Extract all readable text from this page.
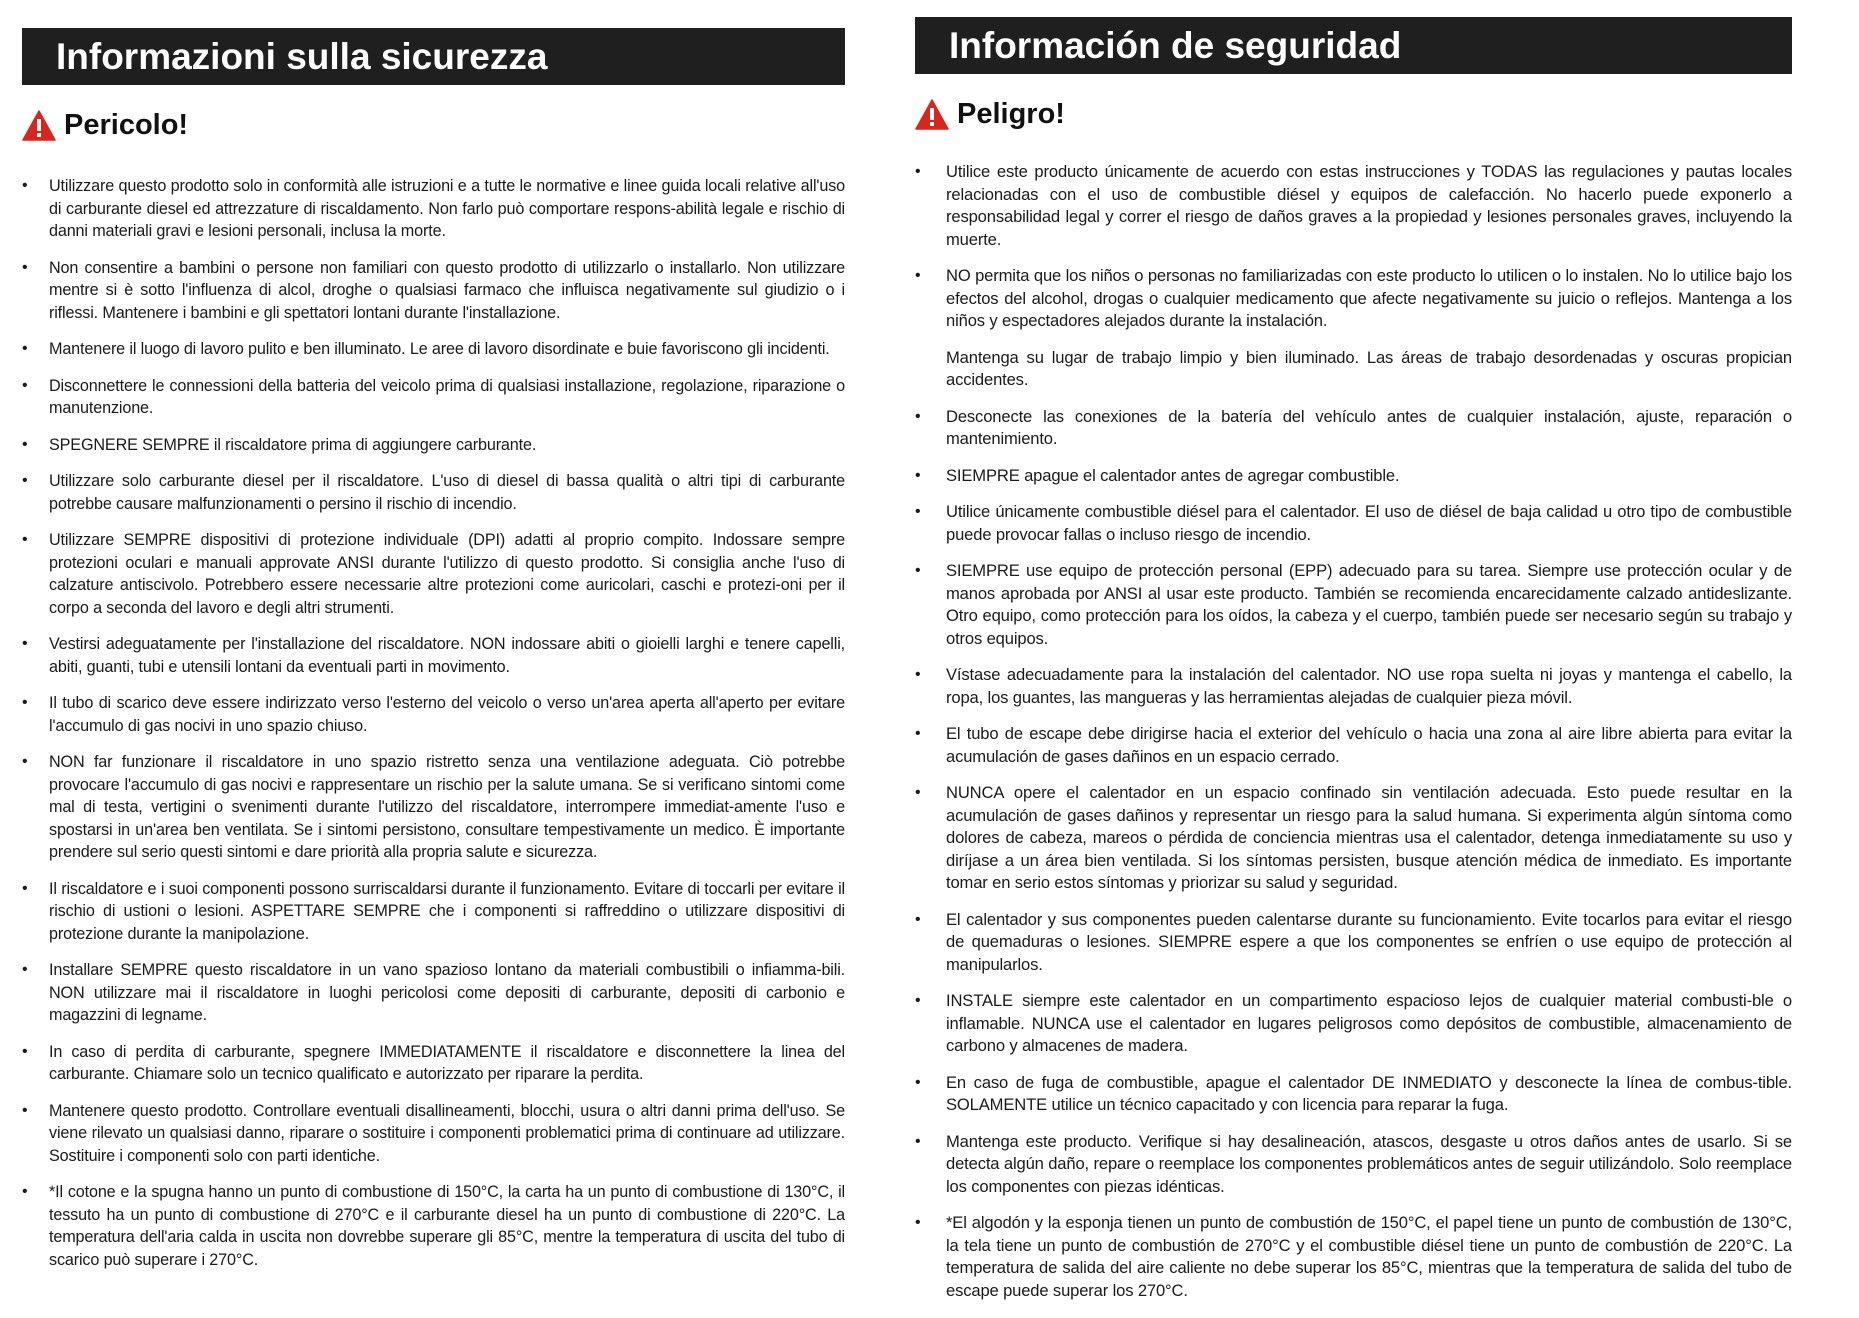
Informazioni sulla sicurezza
Pericolo!
• Utilizzare questo prodotto solo in conformità alle istruzioni e a tutte le normative e linee guida locali relative all'uso di carburante diesel ed attrezzature di riscaldamento. Non farlo può comportare respons-abilità legale e rischio di danni materiali gravi e lesioni personali, inclusa la morte.
• Non consentire a bambini o persone non familiari con questo prodotto di utilizzarlo o installarlo. Non utilizzare mentre si è sotto l'influenza di alcol, droghe o qualsiasi farmaco che influisca negativamente sul giudizio o i riflessi. Mantenere i bambini e gli spettatori lontani durante l'installazione.
• Mantenere il luogo di lavoro pulito e ben illuminato. Le aree di lavoro disordinate e buie favoriscono gli incidenti.
• Disconnettere le connessioni della batteria del veicolo prima di qualsiasi installazione, regolazione, riparazione o manutenzione.
• SPEGNERE SEMPRE il riscaldatore prima di aggiungere carburante.
• Utilizzare solo carburante diesel per il riscaldatore. L'uso di diesel di bassa qualità o altri tipi di carburante potrebbe causare malfunzionamenti o persino il rischio di incendio.
• Utilizzare SEMPRE dispositivi di protezione individuale (DPI) adatti al proprio compito. Indossare sempre protezioni oculari e manuali approvate ANSI durante l'utilizzo di questo prodotto. Si consiglia anche l'uso di calzature antiscivolo. Potrebbero essere necessarie altre protezioni come auricolari, caschi e protezi-oni per il corpo a seconda del lavoro e degli altri strumenti.
• Vestirsi adeguatamente per l'installazione del riscaldatore. NON indossare abiti o gioielli larghi e tenere capelli, abiti, guanti, tubi e utensili lontani da eventuali parti in movimento.
• Il tubo di scarico deve essere indirizzato verso l'esterno del veicolo o verso un'area aperta all'aperto per evitare l'accumulo di gas nocivi in uno spazio chiuso.
• NON far funzionare il riscaldatore in uno spazio ristretto senza una ventilazione adeguata. Ciò potrebbe provocare l'accumulo di gas nocivi e rappresentare un rischio per la salute umana. Se si verificano sintomi come mal di testa, vertigini o svenimenti durante l'utilizzo del riscaldatore, interrompere immediat-amente l'uso e spostarsi in un'area ben ventilata. Se i sintomi persistono, consultare tempestivamente un medico. È importante prendere sul serio questi sintomi e dare priorità alla propria salute e sicurezza.
• Il riscaldatore e i suoi componenti possono surriscaldarsi durante il funzionamento. Evitare di toccarli per evitare il rischio di ustioni o lesioni. ASPETTARE SEMPRE che i componenti si raffreddino o utilizzare dispositivi di protezione durante la manipolazione.
• Installare SEMPRE questo riscaldatore in un vano spazioso lontano da materiali combustibili o infiamma-bili. NON utilizzare mai il riscaldatore in luoghi pericolosi come depositi di carburante, depositi di carbonio e magazzini di legname.
• In caso di perdita di carburante, spegnere IMMEDIATAMENTE il riscaldatore e disconnettere la linea del carburante. Chiamare solo un tecnico qualificato e autorizzato per riparare la perdita.
• Mantenere questo prodotto. Controllare eventuali disallineamenti, blocchi, usura o altri danni prima dell'uso. Se viene rilevato un qualsiasi danno, riparare o sostituire i componenti problematici prima di continuare ad utilizzare. Sostituire i componenti solo con parti identiche.
• *Il cotone e la spugna hanno un punto di combustione di 150°C, la carta ha un punto di combustione di 130°C, il tessuto ha un punto di combustione di 270°C e il carburante diesel ha un punto di combustione di 220°C. La temperatura dell'aria calda in uscita non dovrebbe superare gli 85°C, mentre la temperatura di uscita del tubo di scarico può superare i 270°C.
Información de seguridad
Peligro!
• Utilice este producto únicamente de acuerdo con estas instrucciones y TODAS las regulaciones y pautas locales relacionadas con el uso de combustible diésel y equipos de calefacción. No hacerlo puede exponerlo a responsabilidad legal y correr el riesgo de daños graves a la propiedad y lesiones personales graves, incluyendo la muerte.
• NO permita que los niños o personas no familiarizadas con este producto lo utilicen o lo instalen. No lo utilice bajo los efectos del alcohol, drogas o cualquier medicamento que afecte negativamente su juicio o reflejos. Mantenga a los niños y espectadores alejados durante la instalación.
Mantenga su lugar de trabajo limpio y bien iluminado. Las áreas de trabajo desordenadas y oscuras propician accidentes.
• Desconecte las conexiones de la batería del vehículo antes de cualquier instalación, ajuste, reparación o mantenimiento.
• SIEMPRE apague el calentador antes de agregar combustible.
• Utilice únicamente combustible diésel para el calentador. El uso de diésel de baja calidad u otro tipo de combustible puede provocar fallas o incluso riesgo de incendio.
• SIEMPRE use equipo de protección personal (EPP) adecuado para su tarea. Siempre use protección ocular y de manos aprobada por ANSI al usar este producto. También se recomienda encarecidamente calzado antideslizante. Otro equipo, como protección para los oídos, la cabeza y el cuerpo, también puede ser necesario según su trabajo y otros equipos.
• Vístase adecuadamente para la instalación del calentador. NO use ropa suelta ni joyas y mantenga el cabello, la ropa, los guantes, las mangueras y las herramientas alejadas de cualquier pieza móvil.
• El tubo de escape debe dirigirse hacia el exterior del vehículo o hacia una zona al aire libre abierta para evitar la acumulación de gases dañinos en un espacio cerrado.
• NUNCA opere el calentador en un espacio confinado sin ventilación adecuada. Esto puede resultar en la acumulación de gases dañinos y representar un riesgo para la salud humana. Si experimenta algún síntoma como dolores de cabeza, mareos o pérdida de conciencia mientras usa el calentador, detenga inmediatamente su uso y diríjase a un área bien ventilada. Si los síntomas persisten, busque atención médica de inmediato. Es importante tomar en serio estos síntomas y priorizar su salud y seguridad.
• El calentador y sus componentes pueden calentarse durante su funcionamiento. Evite tocarlos para evitar el riesgo de quemaduras o lesiones. SIEMPRE espere a que los componentes se enfríen o use equipo de protección al manipularlos.
• INSTALE siempre este calentador en un compartimento espacioso lejos de cualquier material combusti-ble o inflamable. NUNCA use el calentador en lugares peligrosos como depósitos de combustible, almacenamiento de carbono y almacenes de madera.
• En caso de fuga de combustible, apague el calentador DE INMEDIATO y desconecte la línea de combus-tible. SOLAMENTE utilice un técnico capacitado y con licencia para reparar la fuga.
• Mantenga este producto. Verifique si hay desalineación, atascos, desgaste u otros daños antes de usarlo. Si se detecta algún daño, repare o reemplace los componentes problemáticos antes de seguir utilizándolo. Solo reemplace los componentes con piezas idénticas.
• *El algodón y la esponja tienen un punto de combustión de 150°C, el papel tiene un punto de combustión de 130°C, la tela tiene un punto de combustión de 270°C y el combustible diésel tiene un punto de combustión de 220°C. La temperatura de salida del aire caliente no debe superar los 85°C, mientras que la temperatura de salida del tubo de escape puede superar los 270°C.
